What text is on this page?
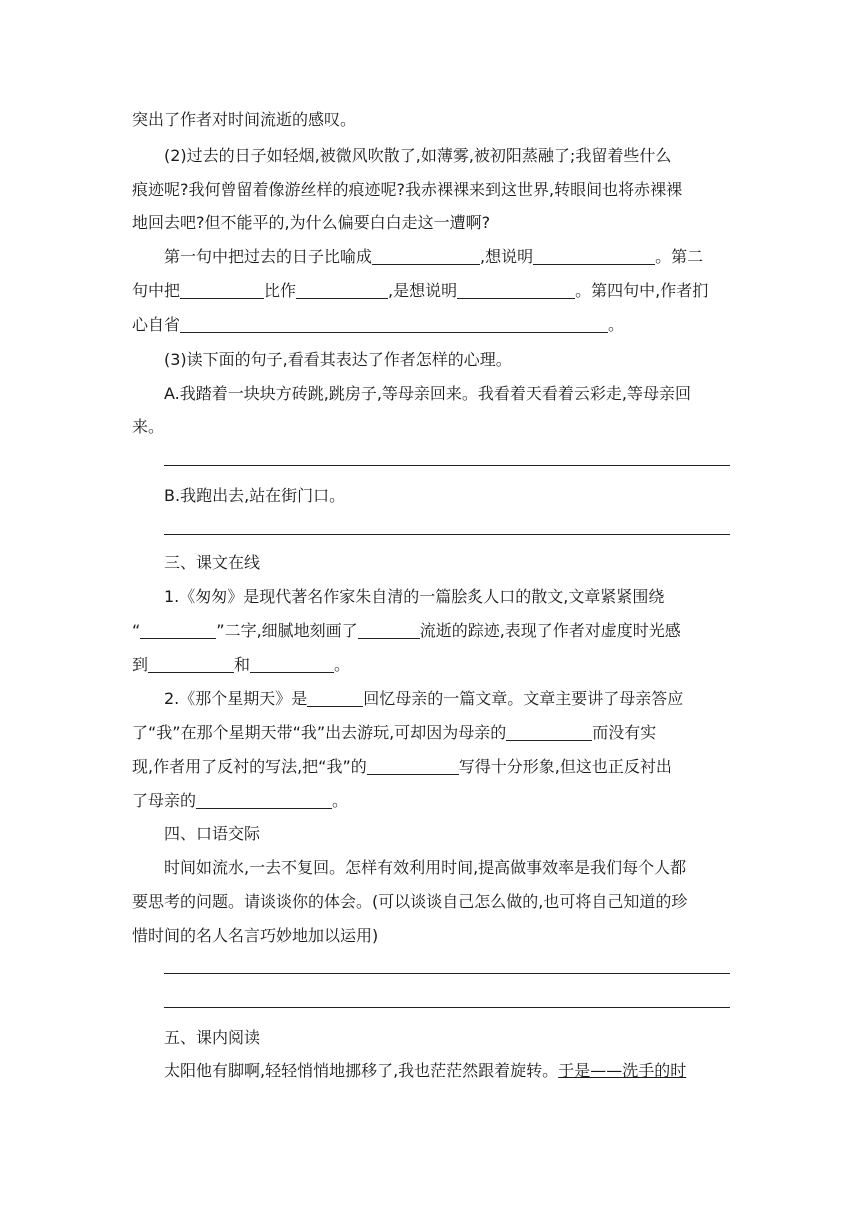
突出了作者对时间流逝的感叹。
(2)过去的日子如轻烟,被微风吹散了,如薄雾,被初阳蒸融了;我留着些什么
痕迹呢?我何曾留着像游丝样的痕迹呢?我赤裸裸来到这世界,转眼间也将赤裸裸
地回去吧?但不能平的,为什么偏要白白走这一遭啊?
第一句中把过去的日子比喻成	,想说明	。第二
句中把	比作	,是想说明	。第四句中,作者扪
心自省	。
(3)读下面的句子,看看其表达了作者怎样的心理。
A.我踏着一块块方砖跳,跳房子,等母亲回来。我看着天看着云彩走,等母亲回
来。
B.我跑出去,站在街门口。
三、课文在线
1.《匆匆》是现代著名作家朱自清的一篇脍炙人口的散文,文章紧紧围绕
“	”二字,细腻地刻画了	流逝的踪迹,表现了作者对虚度时光感
到	和	。
2.《那个星期天》是	回忆母亲的一篇文章。文章主要讲了母亲答应
了“我”在那个星期天带“我”出去游玩,可却因为母亲的	而没有实
现,作者用了反衬的写法,把“我”的	写得十分形象,但这也正反衬出
了母亲的	。
四、口语交际
时间如流水,一去不复回。怎样有效利用时间,提高做事效率是我们每个人都
要思考的问题。请谈谈你的体会。(可以谈谈自己怎么做的,也可将自己知道的珍
惜时间的名人名言巧妙地加以运用)
五、课内阅读
太阳他有脚啊,轻轻悄悄地挪移了,我也茫茫然跟着旋转。于是——洗手的时
